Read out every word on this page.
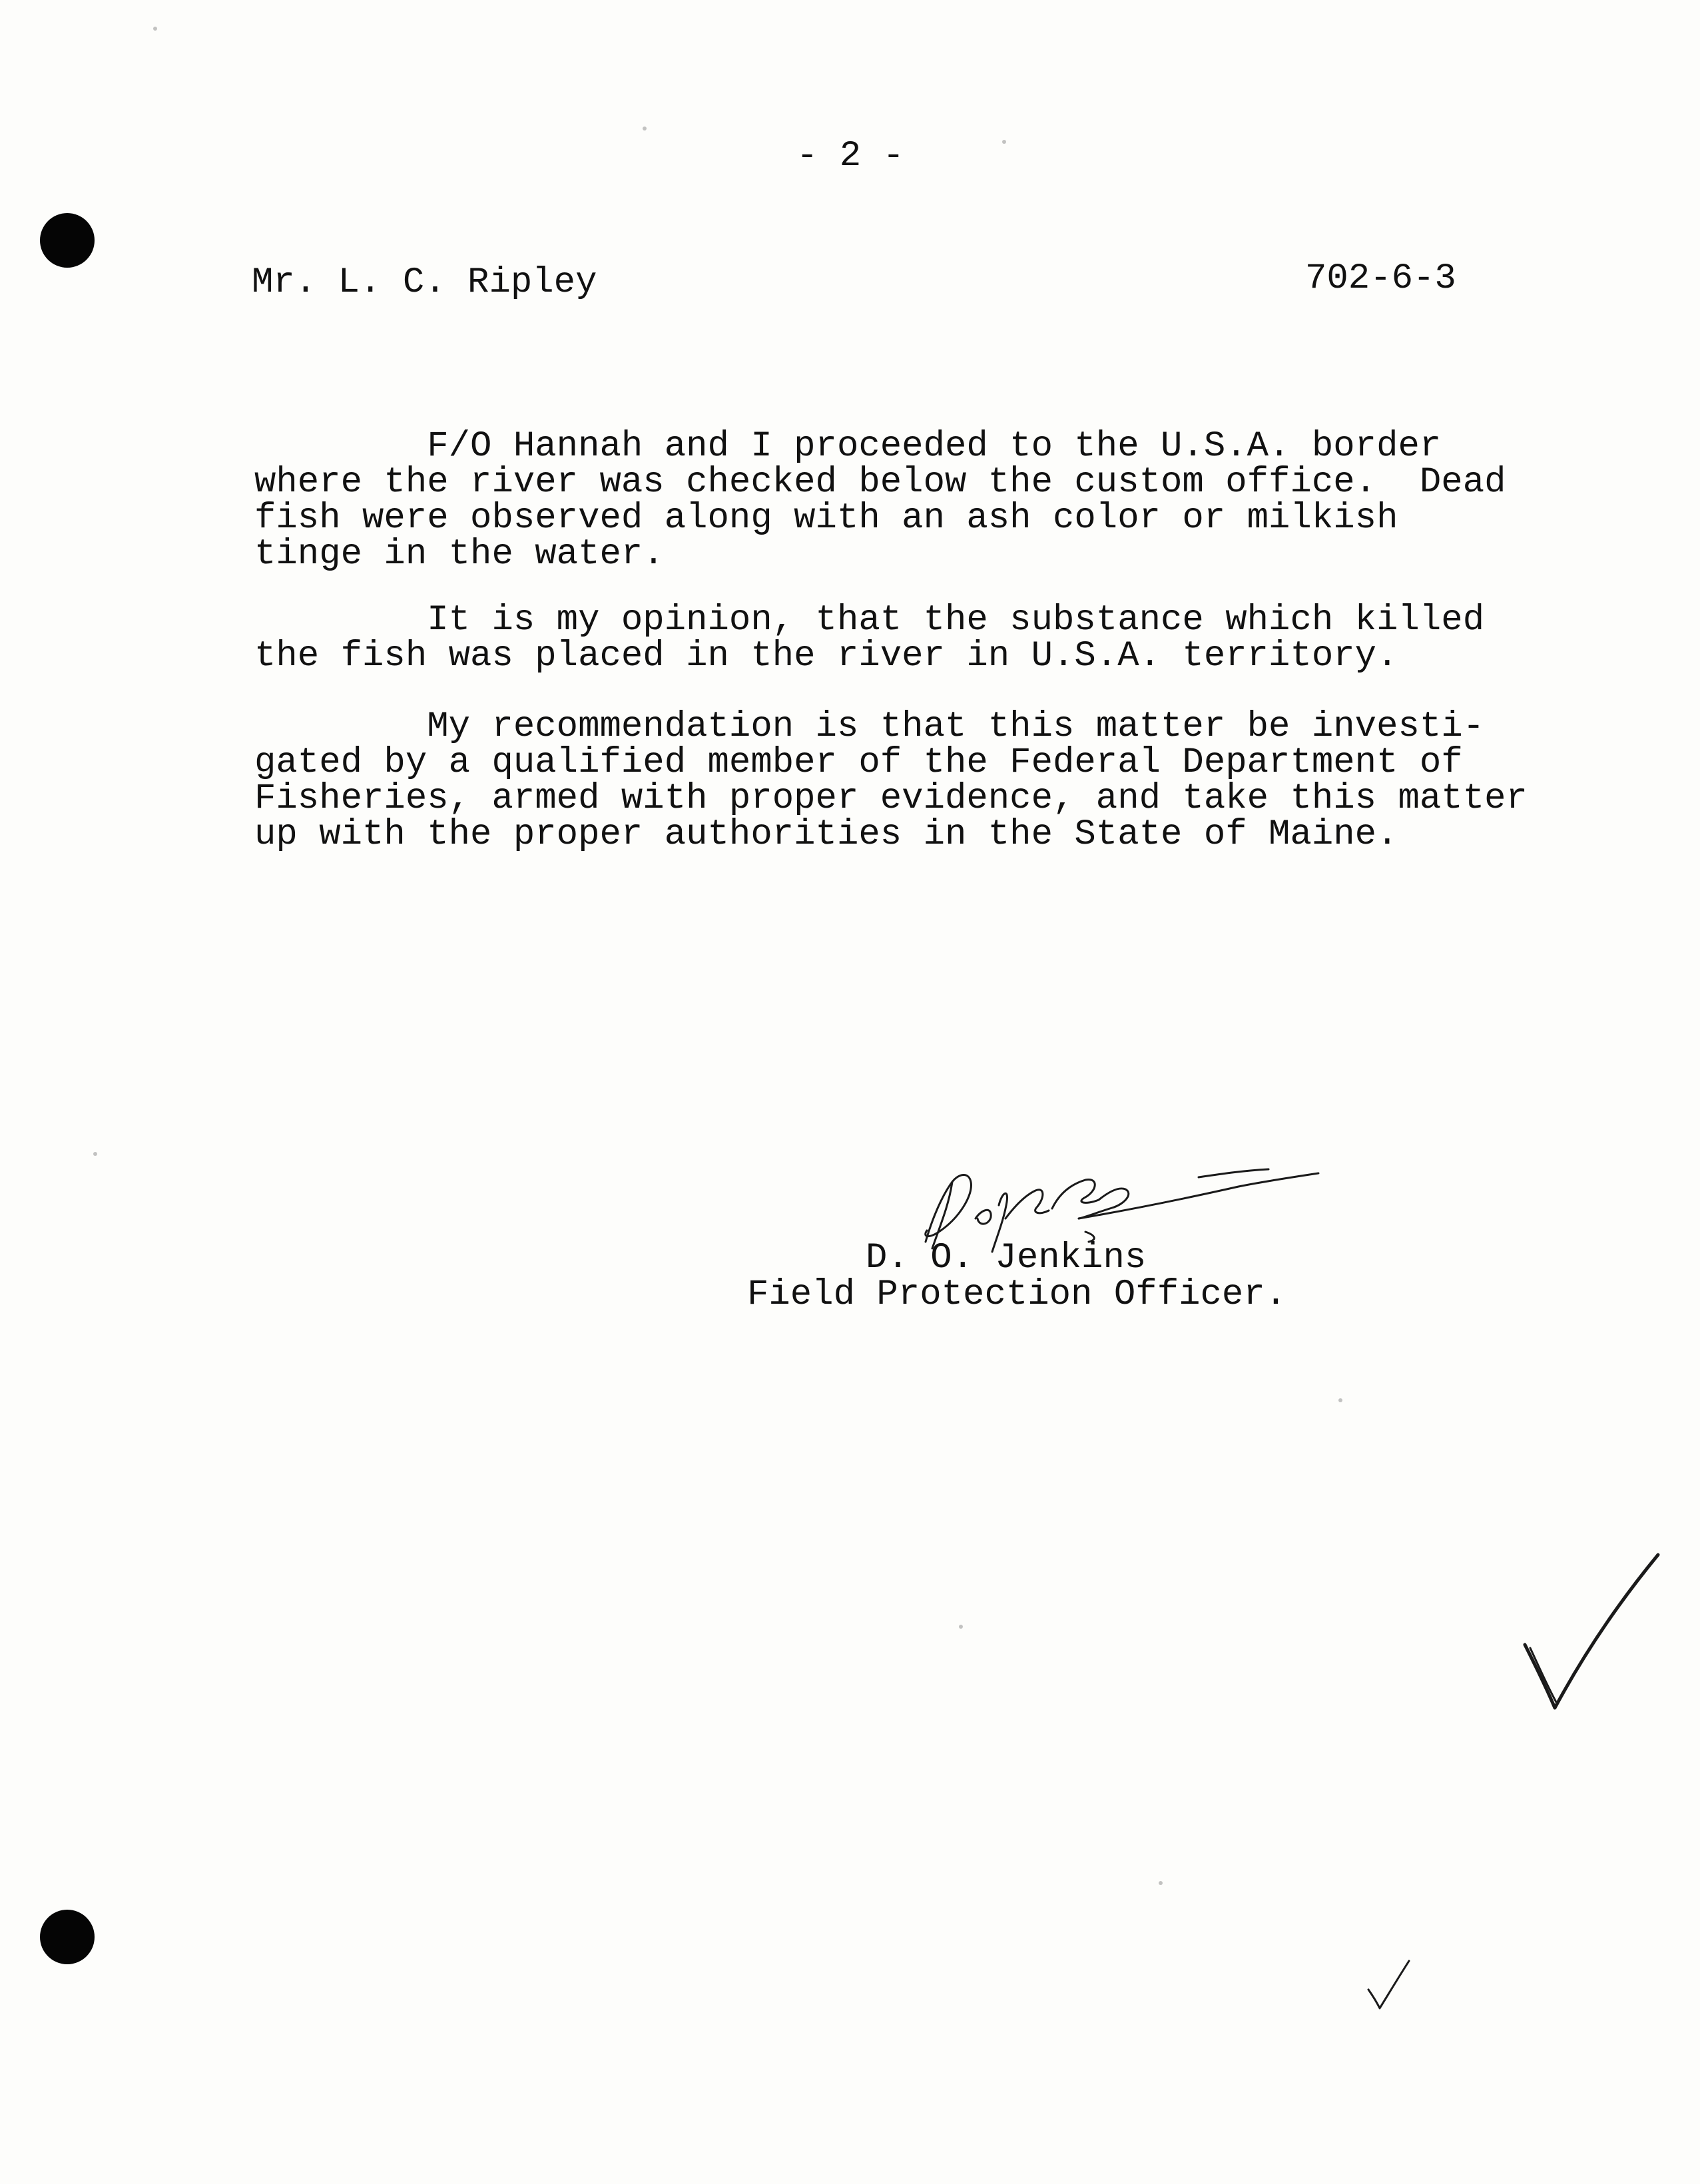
- 2 -
Mr. L. C. Ripley	702-6-3
F/O Hannah and I proceeded to the U.S.A. border
where the river was checked below the custom office.  Dead
fish were observed along with an ash color or milkish
tinge in the water.
It is my opinion, that the substance which killed
the fish was placed in the river in U.S.A. territory.
My recommendation is that this matter be investi-
gated by a qualified member of the Federal Department of
Fisheries, armed with proper evidence, and take this matter
up with the proper authorities in the State of Maine.
D. O. Jenkins
Field Protection Officer.
